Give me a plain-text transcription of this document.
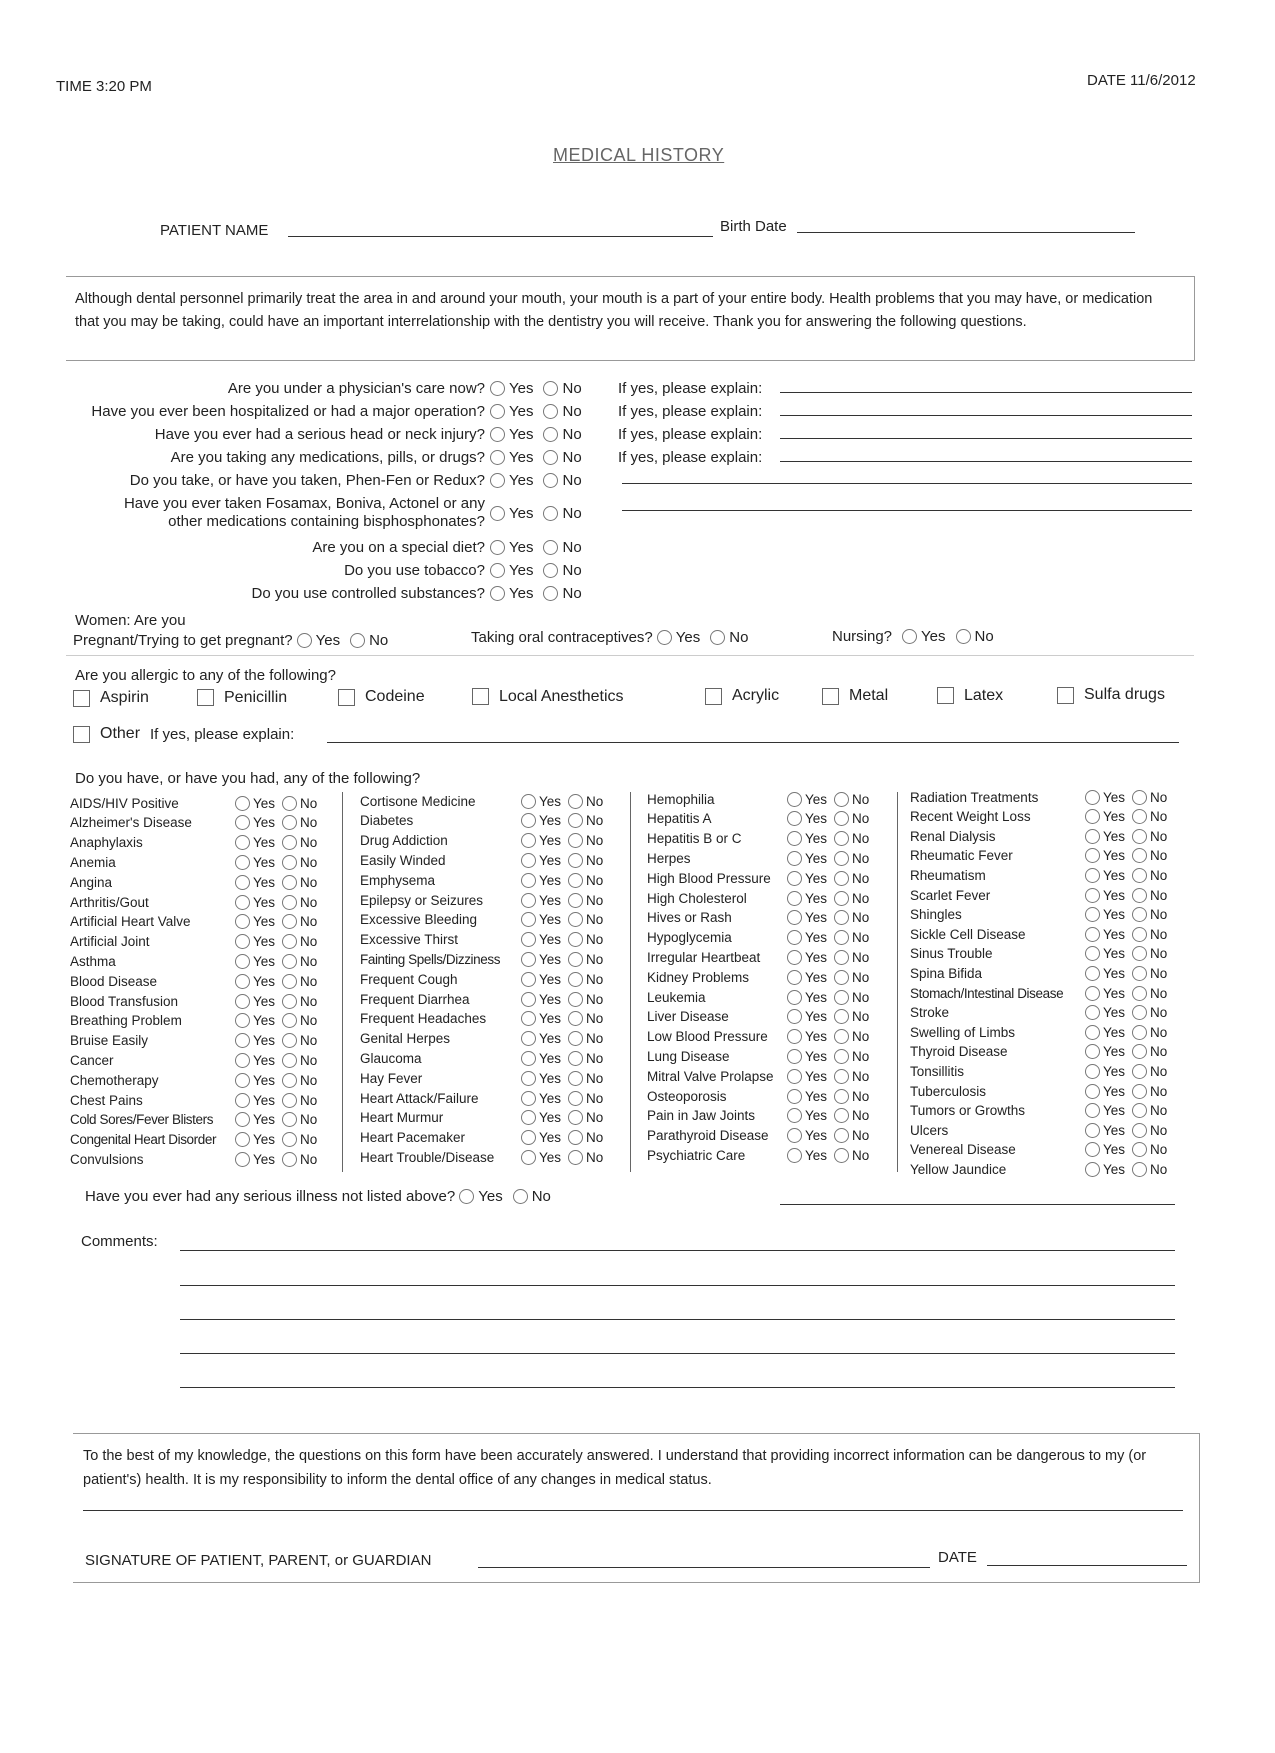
TIME 3:20 PM	DATE 11/6/2012
MEDICAL HISTORY
PATIENT NAME	Birth Date
Although dental personnel primarily treat the area in and around your mouth, your mouth is a part of your entire body. Health problems that you may have, or medication that you may be taking, could have an important interrelationship with the dentistry you will receive. Thank you for answering the following questions.
Are you under a physician's care now? Yes No If yes, please explain:
Have you ever been hospitalized or had a major operation? Yes No If yes, please explain:
Have you ever had a serious head or neck injury? Yes No If yes, please explain:
Are you taking any medications, pills, or drugs? Yes No If yes, please explain:
Do you take, or have you taken, Phen-Fen or Redux? Yes No
Have you ever taken Fosamax, Boniva, Actonel or any
Yes No
other medications containing bisphosphonates?
Are you on a special diet? Yes No
Do you use tobacco? Yes No
Do you use controlled substances? Yes No
Women: Are you
Pregnant/Trying to get pregnant? Yes No	Taking oral contraceptives? Yes No	Nursing? Yes No
Are you allergic to any of the following?
Aspirin	Penicillin	Codeine	Local Anesthetics	Acrylic	Metal	Latex	Sulfa drugs
Other If yes, please explain:
Do you have, or have you had, any of the following?
AIDS/HIV Positive	Yes No
Alzheimer's Disease	Yes No
Anaphylaxis	Yes No
Anemia	Yes No
Angina	Yes No
Arthritis/Gout	Yes No
Artificial Heart Valve	Yes No
Artificial Joint	Yes No
Asthma	Yes No
Blood Disease	Yes No
Blood Transfusion	Yes No
Breathing Problem	Yes No
Bruise Easily	Yes No
Cancer	Yes No
Chemotherapy	Yes No
Chest Pains	Yes No
Cold Sores/Fever Blisters	Yes No
Congenital Heart Disorder	Yes No
Convulsions	Yes No
Cortisone Medicine	Yes No
Diabetes	Yes No
Drug Addiction	Yes No
Easily Winded	Yes No
Emphysema	Yes No
Epilepsy or Seizures	Yes No
Excessive Bleeding	Yes No
Excessive Thirst	Yes No
Fainting Spells/Dizziness	Yes No
Frequent Cough	Yes No
Frequent Diarrhea	Yes No
Frequent Headaches	Yes No
Genital Herpes	Yes No
Glaucoma	Yes No
Hay Fever	Yes No
Heart Attack/Failure	Yes No
Heart Murmur	Yes No
Heart Pacemaker	Yes No
Heart Trouble/Disease	Yes No
Hemophilia	Yes No
Hepatitis A	Yes No
Hepatitis B or C	Yes No
Herpes	Yes No
High Blood Pressure	Yes No
High Cholesterol	Yes No
Hives or Rash	Yes No
Hypoglycemia	Yes No
Irregular Heartbeat	Yes No
Kidney Problems	Yes No
Leukemia	Yes No
Liver Disease	Yes No
Low Blood Pressure	Yes No
Lung Disease	Yes No
Mitral Valve Prolapse Yes No
Osteoporosis	Yes No
Pain in Jaw Joints	Yes No
Parathyroid Disease	Yes No
Psychiatric Care	Yes No
Radiation Treatments	Yes No
Recent Weight Loss	Yes No
Renal Dialysis	Yes No
Rheumatic Fever	Yes No
Rheumatism	Yes No
Scarlet Fever	Yes No
Shingles	Yes No
Sickle Cell Disease	Yes No
Sinus Trouble	Yes No
Spina Bifida	Yes No
Stomach/Intestinal Disease	Yes No
Stroke	Yes No
Swelling of Limbs	Yes No
Thyroid Disease	Yes No
Tonsillitis	Yes No
Tuberculosis	Yes No
Tumors or Growths	Yes No
Ulcers	Yes No
Venereal Disease	Yes No
Yellow Jaundice	Yes No
Have you ever had any serious illness not listed above? Yes No
Comments:
To the best of my knowledge, the questions on this form have been accurately answered. I understand that providing incorrect information can be dangerous to my (or patient's) health. It is my responsibility to inform the dental office of any changes in medical status.
SIGNATURE OF PATIENT, PARENT, or GUARDIAN	DATE
